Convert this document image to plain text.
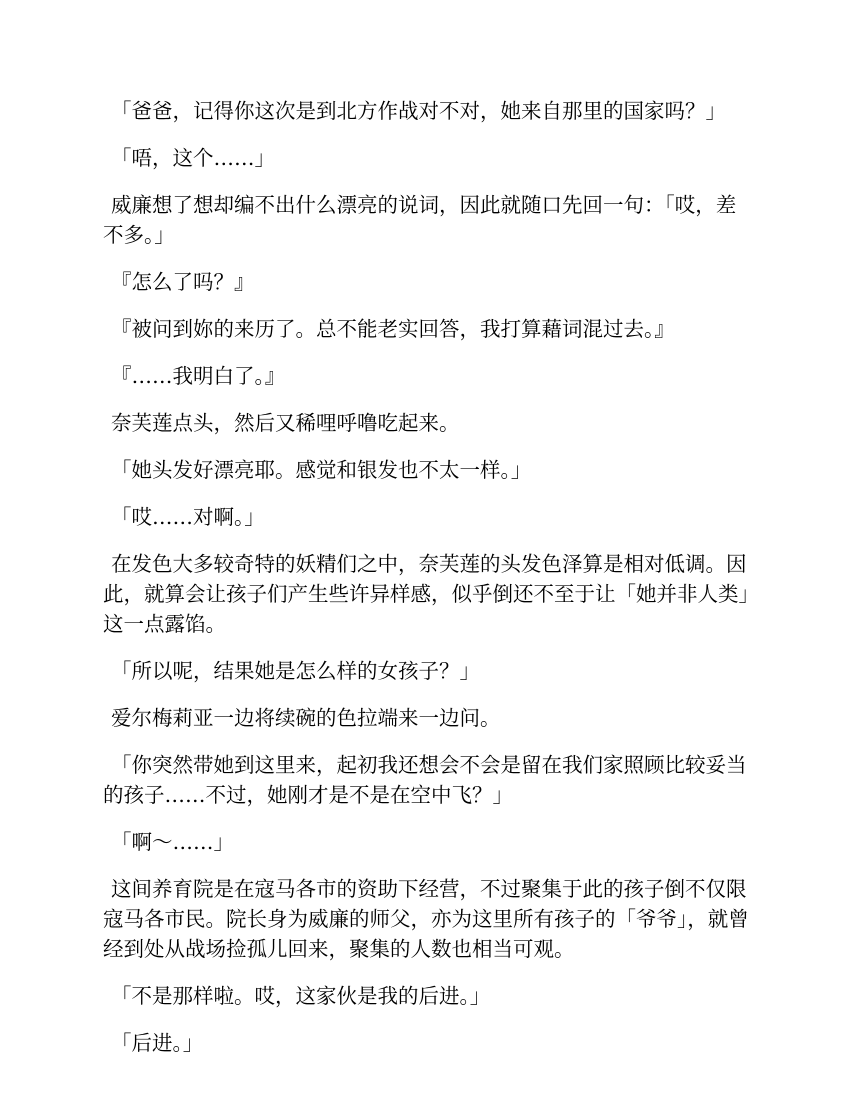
「爸爸，记得你这次是到北方作战对不对，她来自那里的国家吗？」

「唔，这个……」

威廉想了想却编不出什么漂亮的说词，因此就随口先回一句：「哎，差不多。」

『怎么了吗？』

『被问到妳的来历了。总不能老实回答，我打算藉词混过去。』

『……我明白了。』

奈芙莲点头，然后又稀哩呼噜吃起来。

「她头发好漂亮耶。感觉和银发也不太一样。」

「哎……对啊。」

在发色大多较奇特的妖精们之中，奈芙莲的头发色泽算是相对低调。因此，就算会让孩子们产生些许异样感，似乎倒还不至于让「她并非人类」这一点露馅。

「所以呢，结果她是怎么样的女孩子？」

爱尔梅莉亚一边将续碗的色拉端来一边问。

「你突然带她到这里来，起初我还想会不会是留在我们家照顾比较妥当的孩子……不过，她刚才是不是在空中飞？」

「啊～……」

这间养育院是在寇马各市的资助下经营，不过聚集于此的孩子倒不仅限寇马各市民。院长身为威廉的师父，亦为这里所有孩子的「爷爷」，就曾经到处从战场捡孤儿回来，聚集的人数也相当可观。

「不是那样啦。哎，这家伙是我的后进。」

「后进。」
